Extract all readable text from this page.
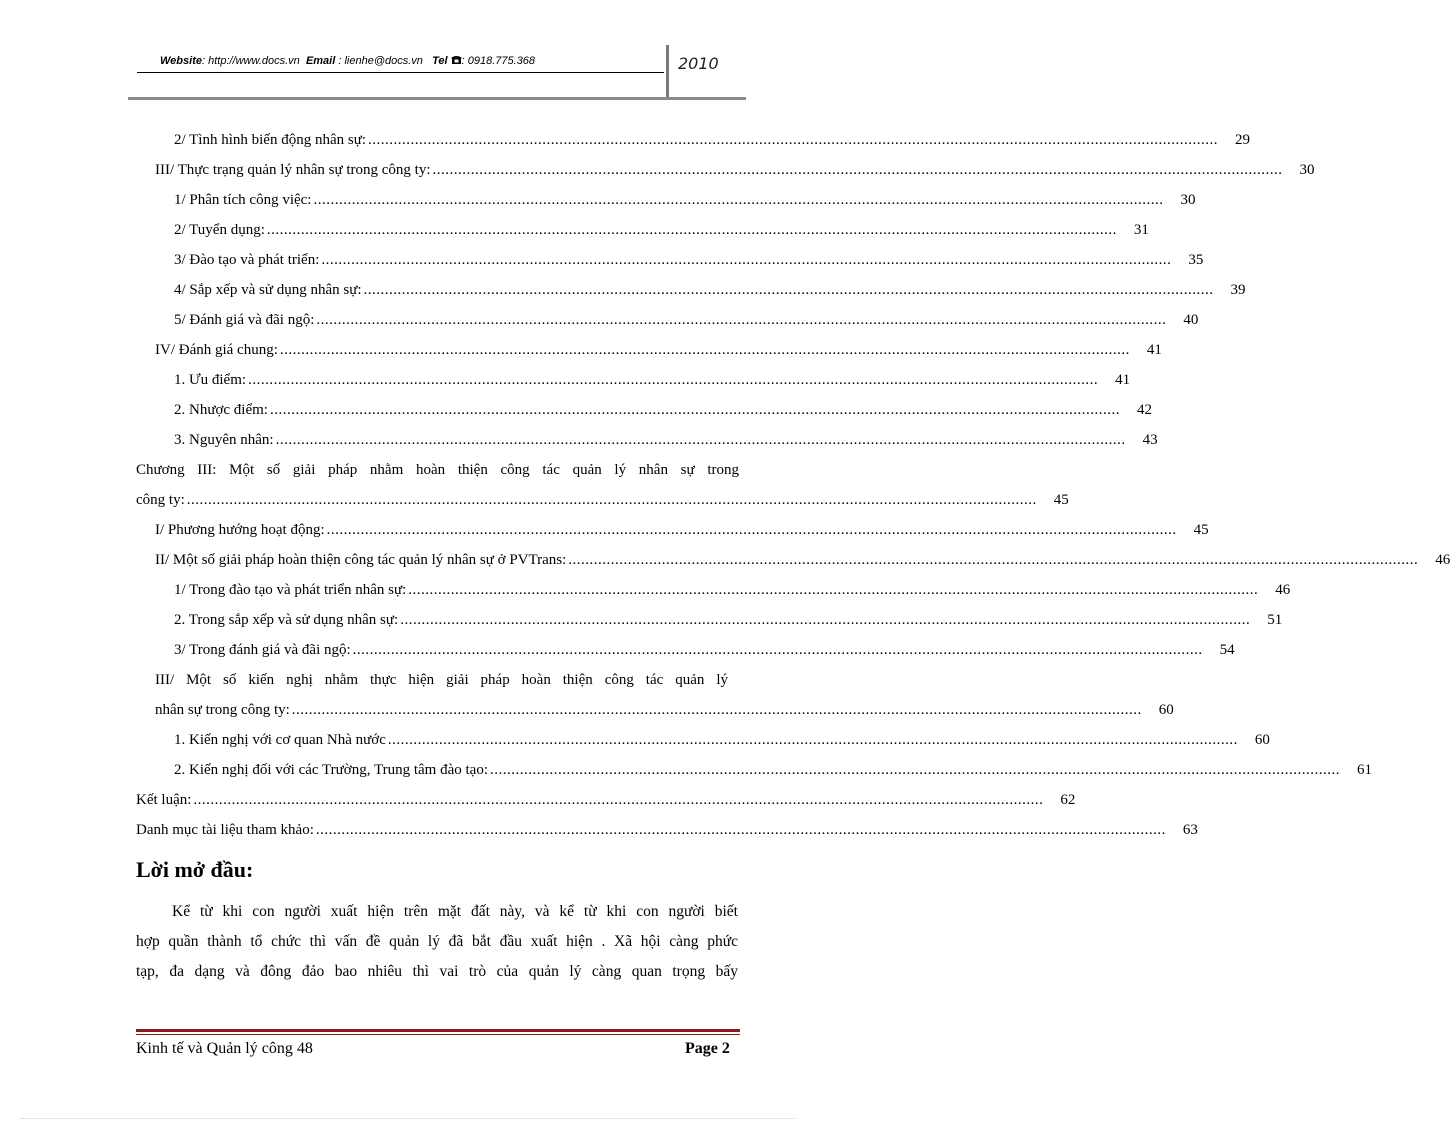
Website: http://www.docs.vn Email : lienhe@docs.vn Tel : 0918.775.368	2010
2/ Tình hình biến động nhân sự: ........................................................................................................................................................................................................	29
III/ Thực trạng quản lý nhân sự trong công ty: ........................................................................................................................................................................................................	30
1/ Phân tích công việc: ........................................................................................................................................................................................................	30
2/ Tuyển dụng: ........................................................................................................................................................................................................	31
3/ Đào tạo và phát triển: ........................................................................................................................................................................................................	35
4/ Sắp xếp và sử dụng nhân sự: ........................................................................................................................................................................................................	39
5/ Đánh giá và đãi ngộ: ........................................................................................................................................................................................................	40
IV/ Đánh giá chung: ........................................................................................................................................................................................................	41
1. Ưu điểm: ........................................................................................................................................................................................................	41
2. Nhược điểm: ........................................................................................................................................................................................................	42
3. Nguyên nhân: ........................................................................................................................................................................................................	43
Chương III: Một số giải pháp nhằm hoàn thiện công tác quản lý nhân sự trong
công ty: ........................................................................................................................................................................................................	45
I/ Phương hướng hoạt động: ........................................................................................................................................................................................................	45
II/ Một số giải pháp hoàn thiện công tác quản lý nhân sự ở PVTrans: ........................................................................................................................................................................................................	46
1/ Trong đào tạo và phát triển nhân sự: ........................................................................................................................................................................................................	46
2. Trong sắp xếp và sử dụng nhân sự: ........................................................................................................................................................................................................	51
3/ Trong đánh giá và đãi ngộ: ........................................................................................................................................................................................................	54
III/ Một số kiến nghị nhằm thực hiện giải pháp hoàn thiện công tác quản lý
nhân sự trong công ty: ........................................................................................................................................................................................................	60
1. Kiến nghị với cơ quan Nhà nước ........................................................................................................................................................................................................	60
2. Kiến nghị đối với các Trường, Trung tâm đào tạo: ........................................................................................................................................................................................................	61
Kết luận: ........................................................................................................................................................................................................	62
Danh mục tài liệu tham khảo: ........................................................................................................................................................................................................	63
Lời mở đầu:
Kể từ khi con người xuất hiện trên mặt đất này, và kể từ khi con người biết
hợp quần thành tổ chức thì vấn đề quản lý đã bắt đầu xuất hiện . Xã hội càng phức
tạp, đa dạng và đông đảo bao nhiêu thì vai trò của quản lý càng quan trọng bấy
Kinh tế và Quản lý công 48	Page 2
